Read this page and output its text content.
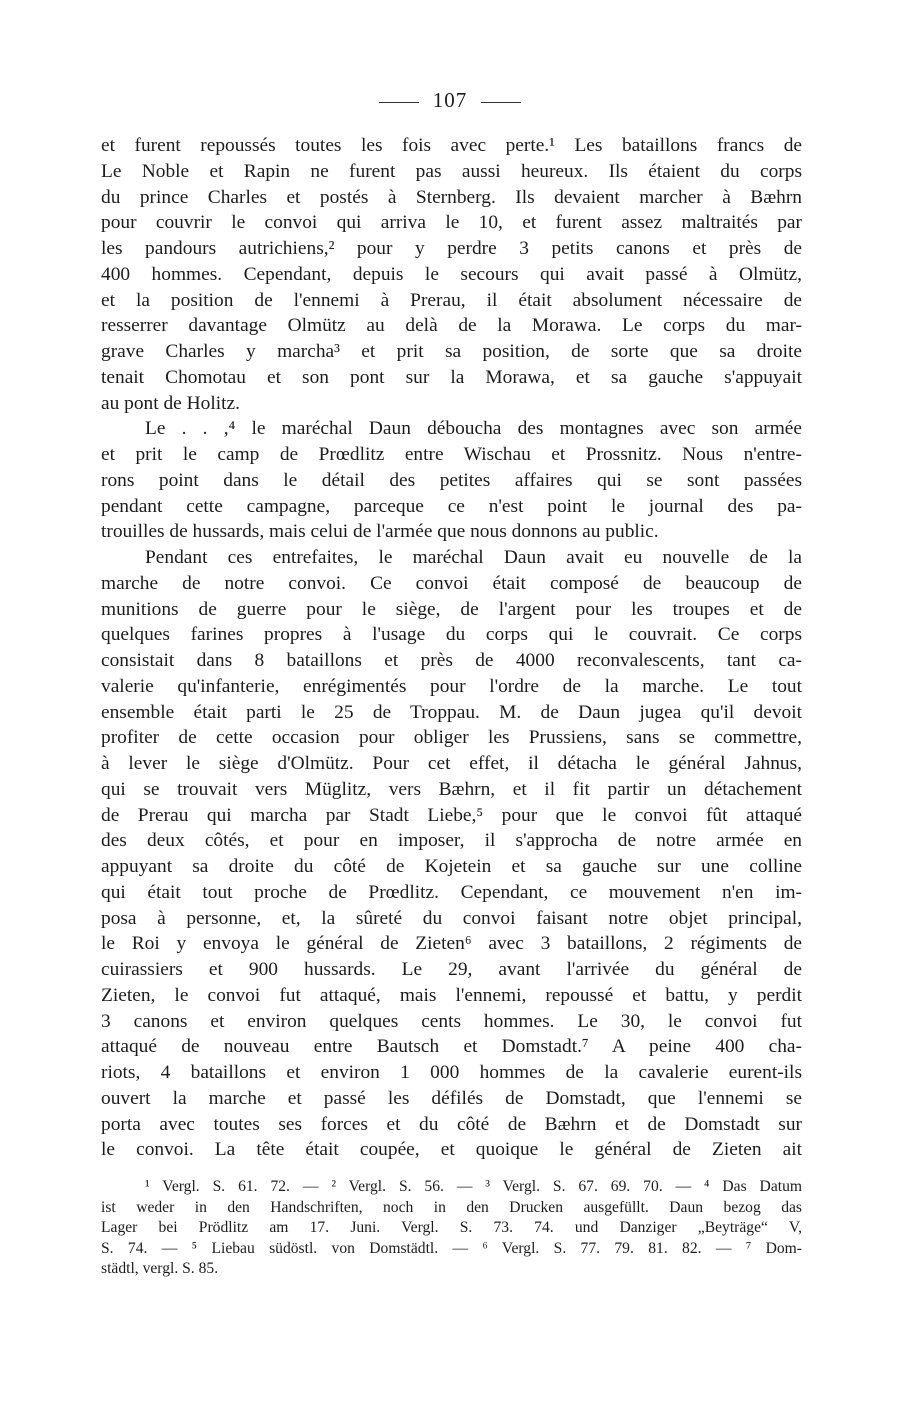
107
et furent repoussés toutes les fois avec perte.¹ Les bataillons francs de
Le Noble et Rapin ne furent pas aussi heureux. Ils étaient du corps
du prince Charles et postés à Sternberg. Ils devaient marcher à Bæhrn
pour couvrir le convoi qui arriva le 10, et furent assez maltraités par
les pandours autrichiens,² pour y perdre 3 petits canons et près de
400 hommes. Cependant, depuis le secours qui avait passé à Olmütz,
et la position de l'ennemi à Prerau, il était absolument nécessaire de
resserrer davantage Olmütz au delà de la Morawa. Le corps du mar-
grave Charles y marcha³ et prit sa position, de sorte que sa droite
tenait Chomotau et son pont sur la Morawa, et sa gauche s'appuyait
au pont de Holitz.
Le . . ,⁴ le maréchal Daun déboucha des montagnes avec son armée
et prit le camp de Prœdlitz entre Wischau et Prossnitz. Nous n'entre-
rons point dans le détail des petites affaires qui se sont passées
pendant cette campagne, parceque ce n'est point le journal des pa-
trouilles de hussards, mais celui de l'armée que nous donnons au public.
Pendant ces entrefaites, le maréchal Daun avait eu nouvelle de la
marche de notre convoi. Ce convoi était composé de beaucoup de
munitions de guerre pour le siège, de l'argent pour les troupes et de
quelques farines propres à l'usage du corps qui le couvrait. Ce corps
consistait dans 8 bataillons et près de 4000 reconvalescents, tant ca-
valerie qu'infanterie, enrégimentés pour l'ordre de la marche. Le tout
ensemble était parti le 25 de Troppau. M. de Daun jugea qu'il devoit
profiter de cette occasion pour obliger les Prussiens, sans se commettre,
à lever le siège d'Olmütz. Pour cet effet, il détacha le général Jahnus,
qui se trouvait vers Müglitz, vers Bæhrn, et il fit partir un détachement
de Prerau qui marcha par Stadt Liebe,⁵ pour que le convoi fût attaqué
des deux côtés, et pour en imposer, il s'approcha de notre armée en
appuyant sa droite du côté de Kojetein et sa gauche sur une colline
qui était tout proche de Prœdlitz. Cependant, ce mouvement n'en im-
posa à personne, et, la sûreté du convoi faisant notre objet principal,
le Roi y envoya le général de Zieten⁶ avec 3 bataillons, 2 régiments de
cuirassiers et 900 hussards. Le 29, avant l'arrivée du général de
Zieten, le convoi fut attaqué, mais l'ennemi, repoussé et battu, y perdit
3 canons et environ quelques cents hommes. Le 30, le convoi fut
attaqué de nouveau entre Bautsch et Domstadt.⁷ A peine 400 cha-
riots, 4 bataillons et environ 1 000 hommes de la cavalerie eurent-ils
ouvert la marche et passé les défilés de Domstadt, que l'ennemi se
porta avec toutes ses forces et du côté de Bæhrn et de Domstadt sur
le convoi. La tête était coupée, et quoique le général de Zieten ait
¹ Vergl. S. 61. 72. — ² Vergl. S. 56. — ³ Vergl. S. 67. 69. 70. — ⁴ Das Datum
ist weder in den Handschriften, noch in den Drucken ausgefüllt. Daun bezog das
Lager bei Prödlitz am 17. Juni. Vergl. S. 73. 74. und Danziger „Beyträge“ V,
S. 74. — ⁵ Liebau südöstl. von Domstädtl. — ⁶ Vergl. S. 77. 79. 81. 82. — ⁷ Dom-
städtl, vergl. S. 85.
